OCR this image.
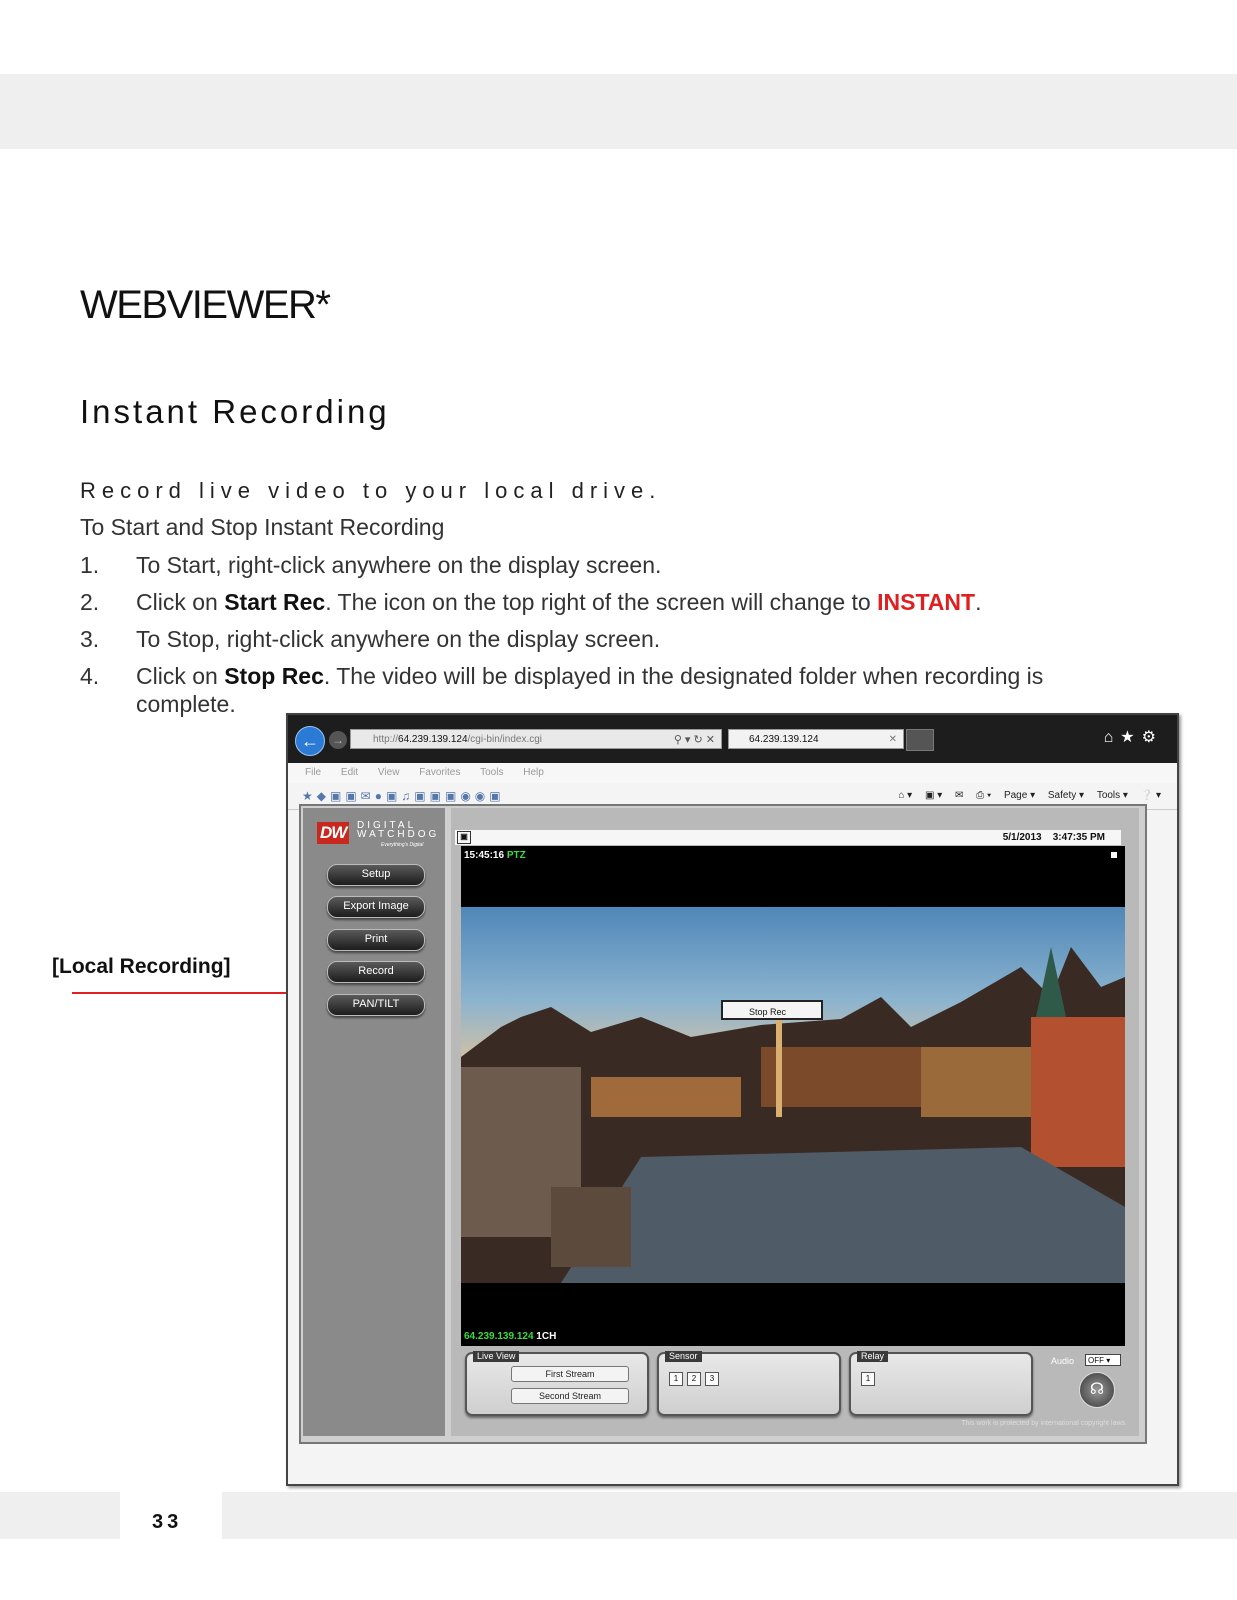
WEBVIEWER*
Instant Recording
Record live video to your local drive.
To Start and Stop Instant Recording
1. To Start, right-click anywhere on the display screen.
2. Click on Start Rec. The icon on the top right of the screen will change to INSTANT.
3. To Stop, right-click anywhere on the display screen.
4. Click on Stop Rec. The video will be displayed in the designated folder when recording is complete.
[Local Recording]
←	→	http://64.239.139.124/cgi-bin/index.cgi	⚲ ▾ ↻ ✕	64.239.139.124	✕	⌂★⚙
File Edit View Favorites Tools Help
★◆▣▣✉●▣♫▣▣▣◉◉▣	⌂ ▾ ▣ ▾ ✉ ⎙ ▾ Page ▾ Safety ▾ Tools ▾ ❔ ▾
DW	DIGITAL
WATCHDOG
Everything's Digital
Setup
Export Image
Print
Record
PAN/TILT
▣	5/1/2013 3:47:35 PM
15:45:16 PTZ
Stop Rec
64.239.139.124 1CH
Live View
First Stream
Second Stream
Sensor
1	2	3
Relay
1
Audio	OFF ▾
☊
This work is protected by international copyright laws.
33
